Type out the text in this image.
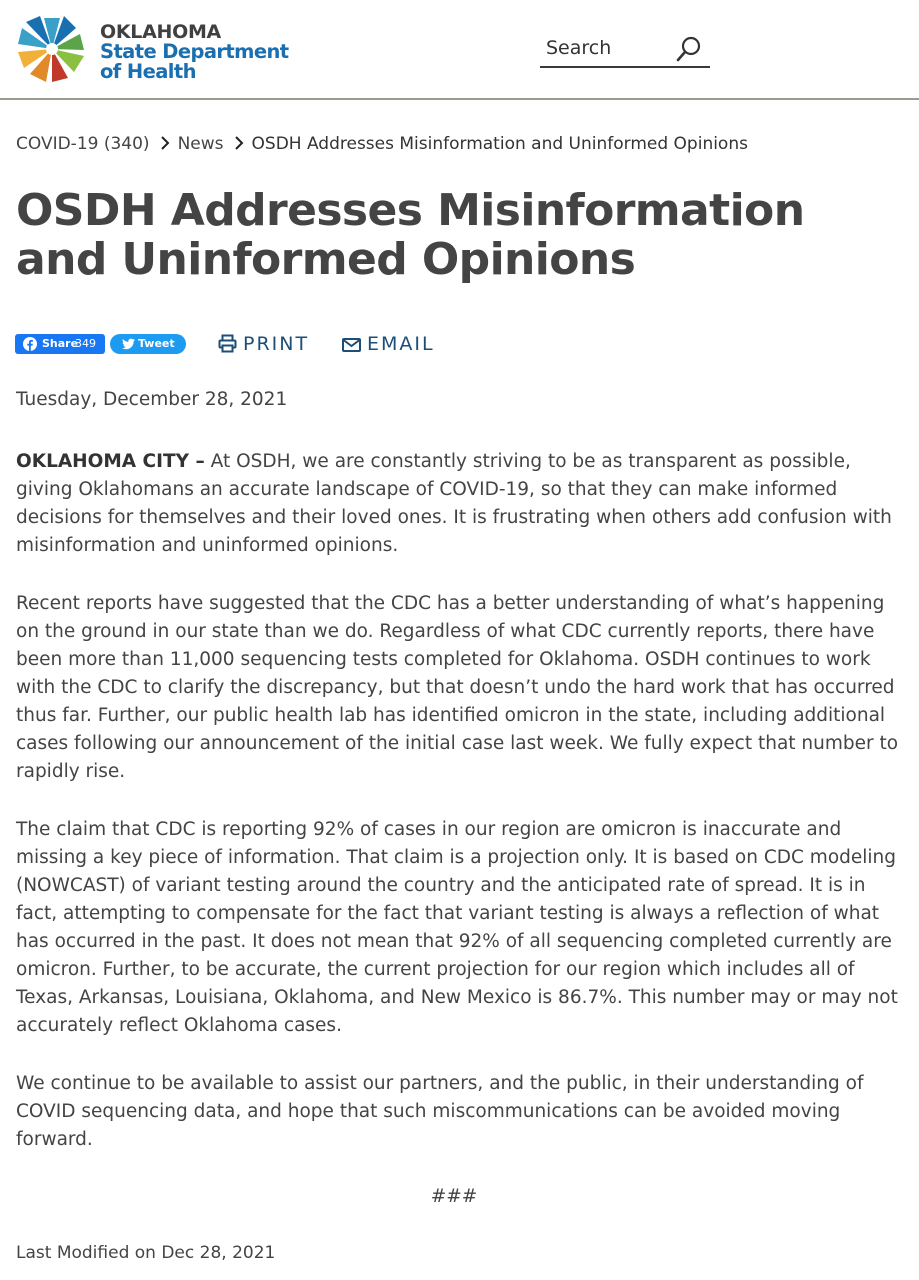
OKLAHOMA
State Department
of Health
Search
COVID-19 (340) News OSDH Addresses Misinformation and Uninformed Opinions
OSDH Addresses Misinformation and Uninformed Opinions
Share
349	Tweet	PRINT	EMAIL
Tuesday, December 28, 2021

OKLAHOMA CITY – At OSDH, we are constantly striving to be as transparent as possible, giving Oklahomans an accurate landscape of COVID-19, so that they can make informed decisions for themselves and their loved ones. It is frustrating when others add confusion with misinformation and uninformed opinions.

Recent reports have suggested that the CDC has a better understanding of what’s happening on the ground in our state than we do. Regardless of what CDC currently reports, there have been more than 11,000 sequencing tests completed for Oklahoma. OSDH continues to work with the CDC to clarify the discrepancy, but that doesn’t undo the hard work that has occurred thus far. Further, our public health lab has identified omicron in the state, including additional cases following our announcement of the initial case last week. We fully expect that number to rapidly rise.

The claim that CDC is reporting 92% of cases in our region are omicron is inaccurate and missing a key piece of information. That claim is a projection only. It is based on CDC modeling (NOWCAST) of variant testing around the country and the anticipated rate of spread. It is in fact, attempting to compensate for the fact that variant testing is always a reflection of what has occurred in the past. It does not mean that 92% of all sequencing completed currently are omicron. Further, to be accurate, the current projection for our region which includes all of Texas, Arkansas, Louisiana, Oklahoma, and New Mexico is 86.7%. This number may or may not accurately reflect Oklahoma cases.

We continue to be available to assist our partners, and the public, in their understanding of COVID sequencing data, and hope that such miscommunications can be avoided moving forward.

###
Last Modified on Dec 28, 2021
